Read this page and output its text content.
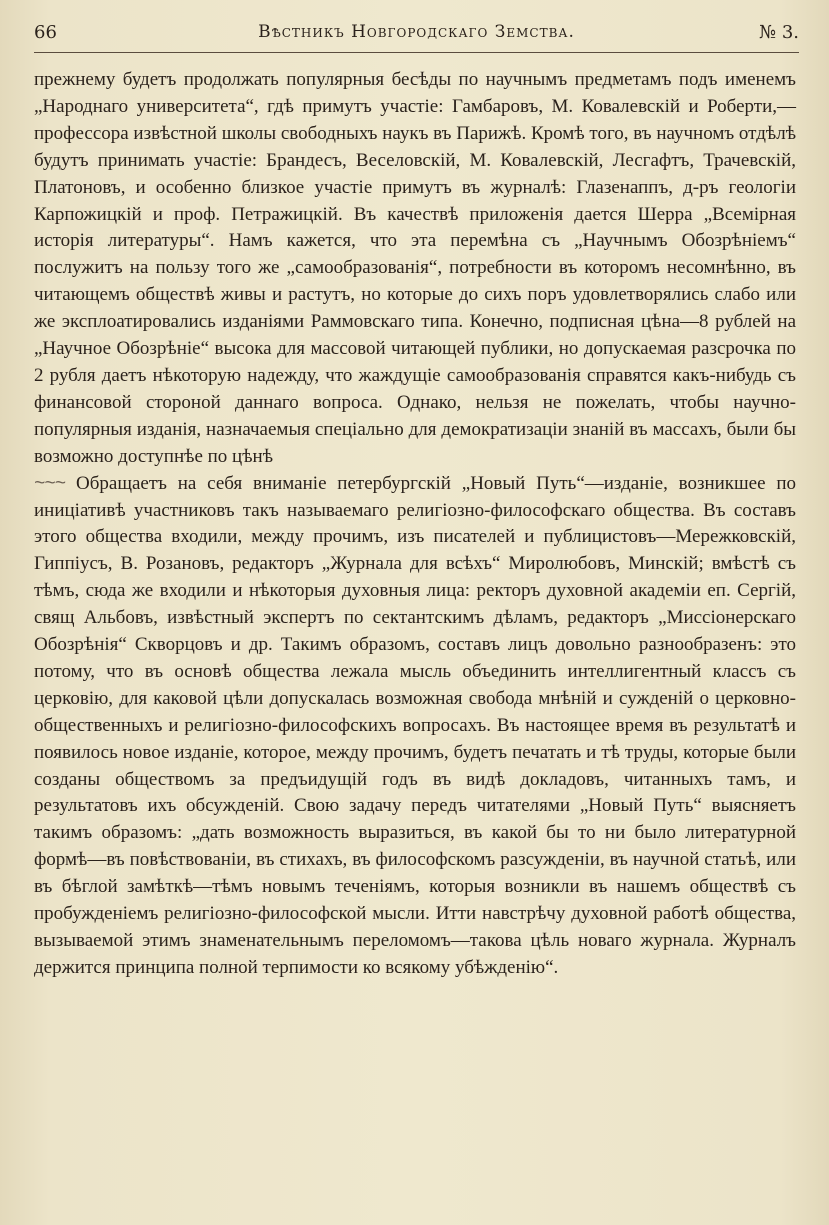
66	Вѣстникъ Новгородскаго Земства.	№ 3.

прежнему будетъ продолжать популярныя бесѣды по научнымъ предметамъ подъ именемъ „Народнаго университета“, гдѣ примутъ участіе: Гамбаровъ, М. Ковалевскій и Роберти,—профессора извѣстной школы свободныхъ наукъ въ Парижѣ. Кромѣ того, въ научномъ отдѣлѣ будутъ принимать участіе: Брандесъ, Веселовскій, М. Ковалевскій, Лесгафтъ, Трачевскій, Платоновъ, и особенно близкое участіе примутъ въ журналѣ: Глазенаппъ, д-ръ геологіи Карпожицкій и проф. Петражицкій. Въ качествѣ приложенія дается Шерра „Всемірная исторія литературы“. Намъ кажется, что эта перемѣна съ „Научнымъ Обозрѣніемъ“ послужитъ на пользу того же „самообразованія“, потребности въ которомъ несомнѣнно, въ читающемъ обществѣ живы и растутъ, но которые до сихъ поръ удовлетворялись слабо или же эксплоатировались изданіями Раммовскаго типа. Конечно, подписная цѣна—8 рублей на „Научное Обозрѣніе“ высока для массовой читающей публики, но допускаемая разсрочка по 2 рубля даетъ нѣкоторую надежду, что жаждущіе самообразованія справятся какъ-нибудь съ финансовой стороной даннаго вопроса. Однако, нельзя не пожелать, чтобы научно-популярныя изданія, назначаемыя спеціально для демократизаціи знаній въ массахъ, были бы возможно доступнѣе по цѣнѣ

~~~ Обращаетъ на себя вниманіе петербургскій „Новый Путь“—изданіе, возникшее по иниціативѣ участниковъ такъ называемаго религіозно-философскаго общества. Въ составъ этого общества входили, между прочимъ, изъ писателей и публицистовъ—Мережковскій, Гиппіусъ, В. Розановъ, редакторъ „Журнала для всѣхъ“ Миролюбовъ, Минскій; вмѣстѣ съ тѣмъ, сюда же входили и нѣкоторыя духовныя лица: ректоръ духовной академіи еп. Сергій, свящ Альбовъ, извѣстный экспертъ по сектантскимъ дѣламъ, редакторъ „Миссіонерскаго Обозрѣнія“ Скворцовъ и др. Такимъ образомъ, составъ лицъ довольно разнообразенъ: это потому, что въ основѣ общества лежала мысль объединить интеллигентный классъ съ церковію, для каковой цѣли допускалась возможная свобода мнѣній и сужденій о церковно-общественныхъ и религіозно-философскихъ вопросахъ. Въ настоящее время въ результатѣ и появилось новое изданіе, которое, между прочимъ, будетъ печатать и тѣ труды, которые были созданы обществомъ за предъидущій годъ въ видѣ докладовъ, читанныхъ тамъ, и результатовъ ихъ обсужденій. Свою задачу передъ читателями „Новый Путь“ выясняетъ такимъ образомъ: „дать возможность выразиться, въ какой бы то ни было литературной формѣ—въ повѣствованіи, въ стихахъ, въ философскомъ разсужденіи, въ научной статьѣ, или въ бѣглой замѣткѣ—тѣмъ новымъ теченіямъ, которыя возникли въ нашемъ обществѣ съ пробужденіемъ религіозно-философской мысли. Итти навстрѣчу духовной работѣ общества, вызываемой этимъ знаменательнымъ переломомъ—такова цѣль новаго журнала. Журналъ держится принципа полной терпимости ко всякому убѣжденію“.
